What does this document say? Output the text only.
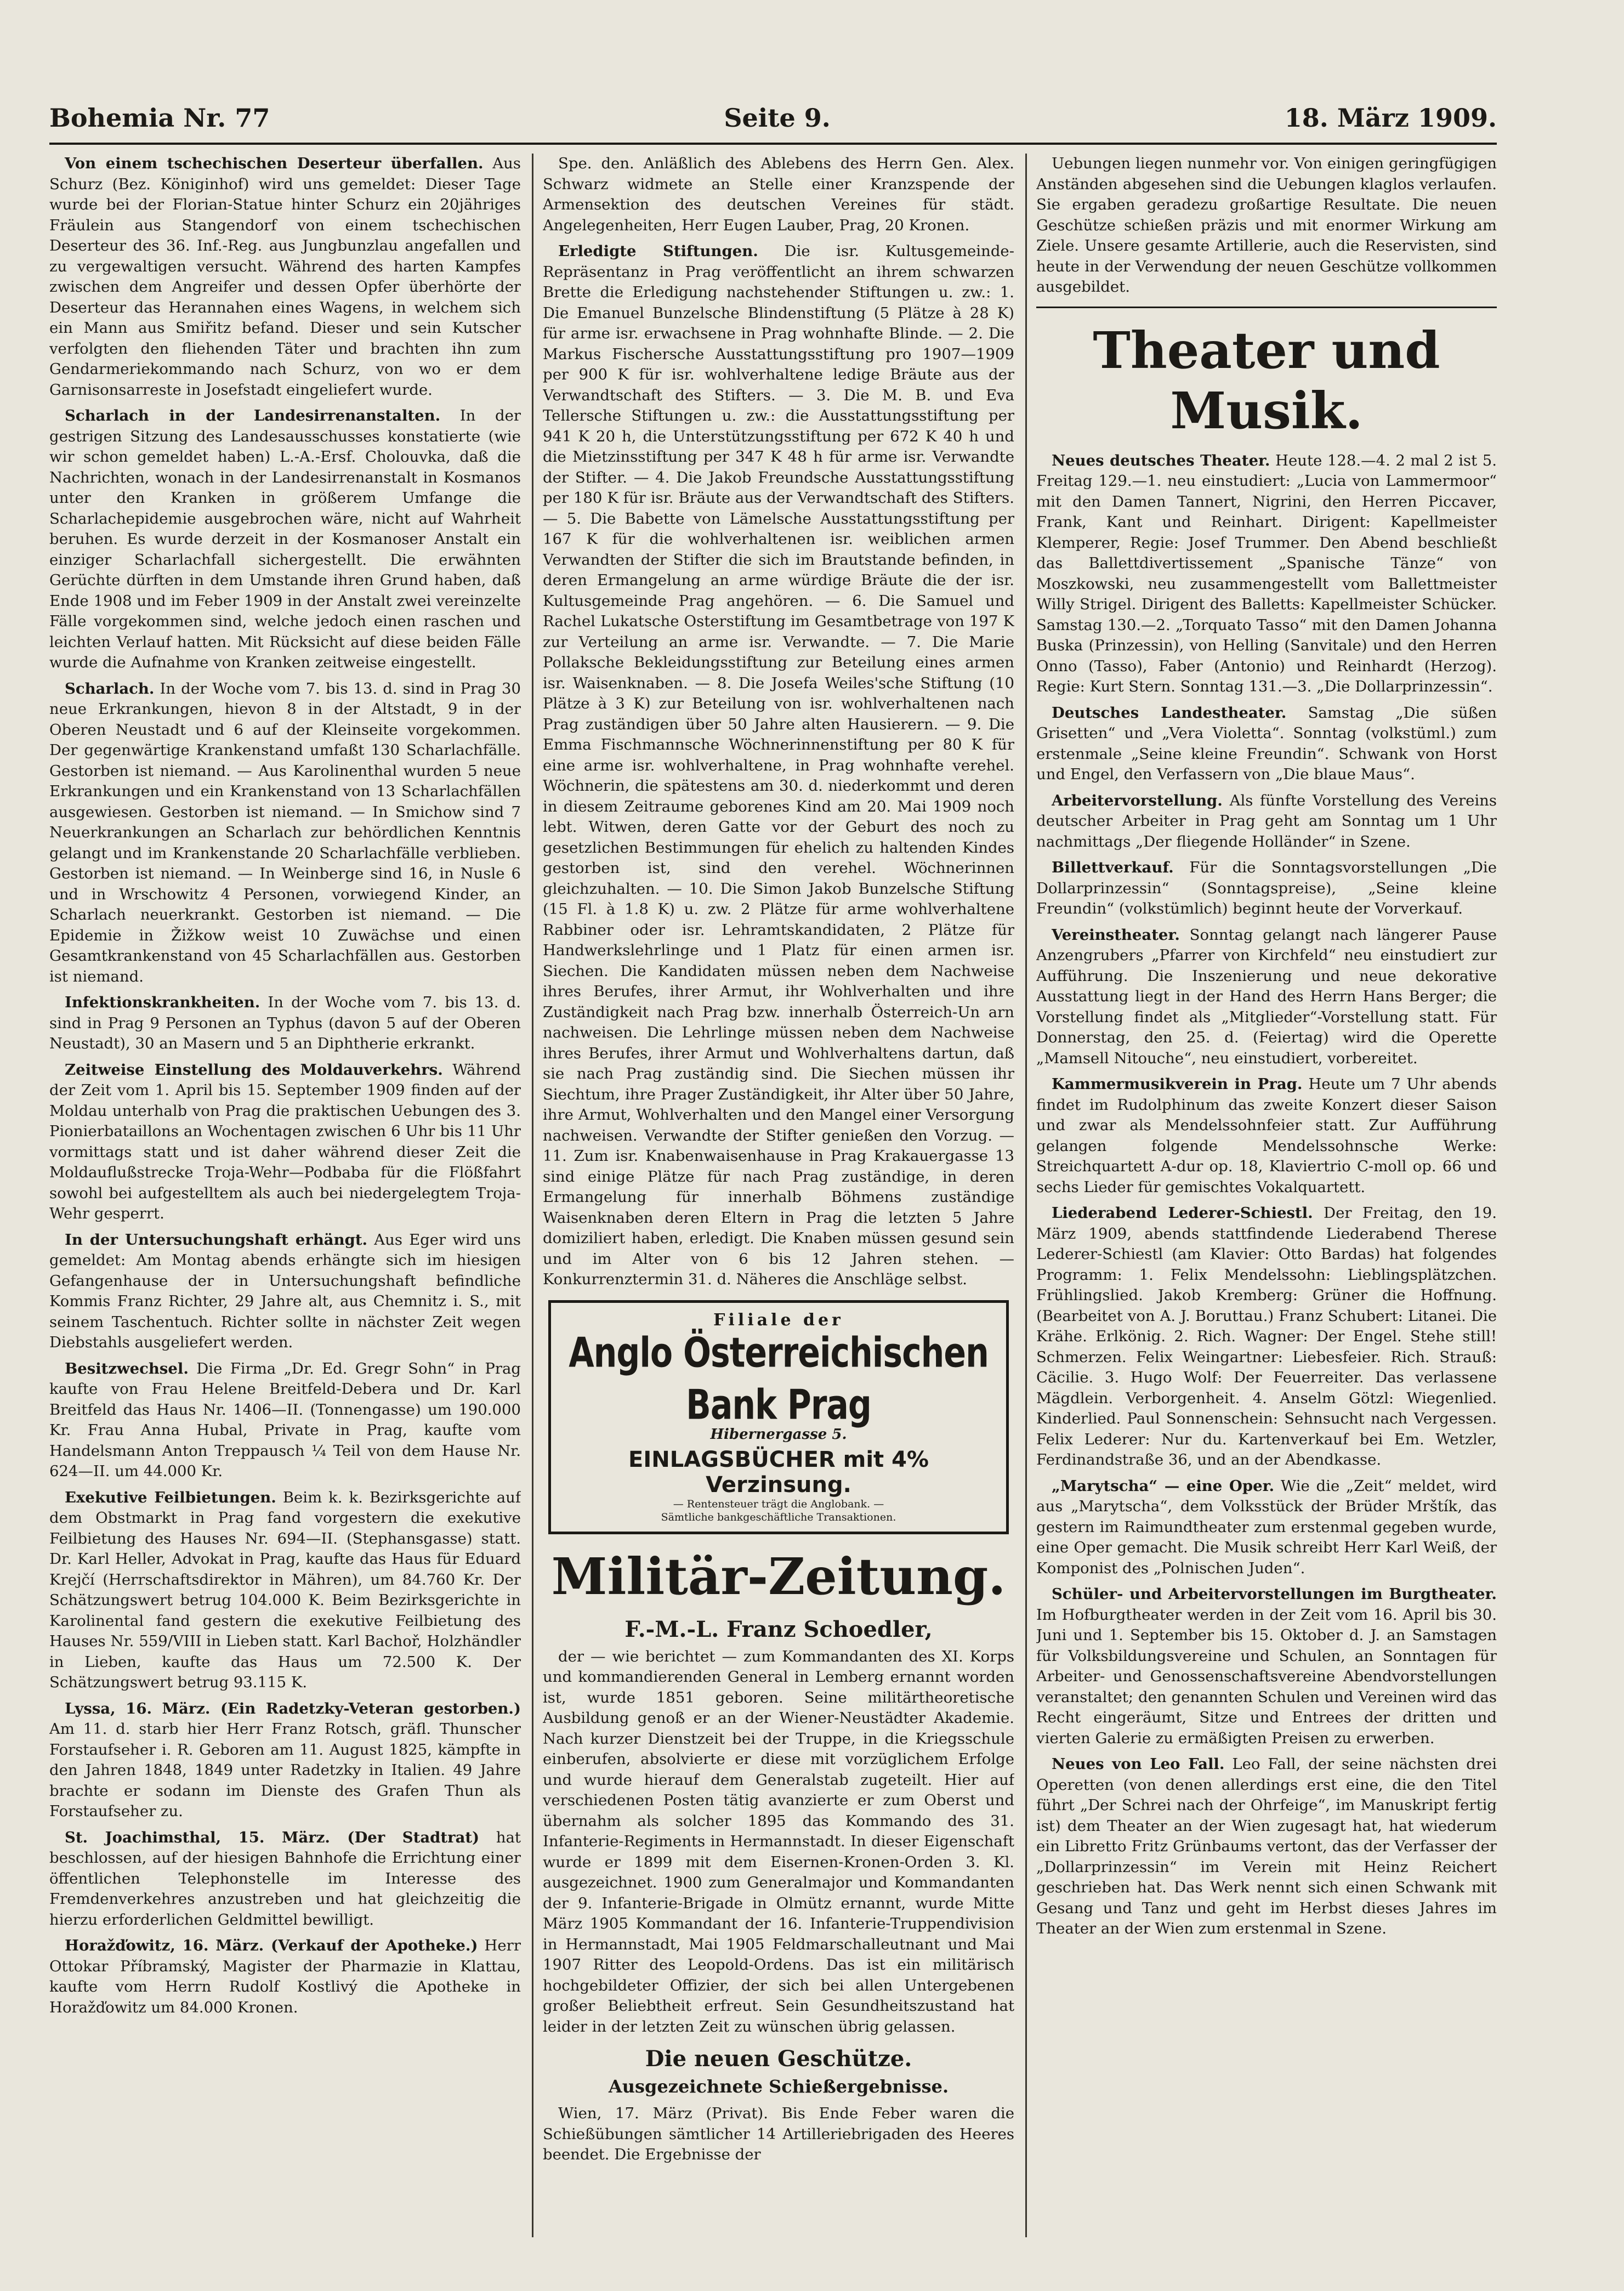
Bohemia Nr. 77	Seite 9.	18. März 1909.

Von einem tschechischen Deserteur überfallen. Aus Schurz (Bez. Königinhof) wird uns gemeldet: Dieser Tage wurde bei der Florian-Statue hinter Schurz ein 20jähriges Fräulein aus Stangendorf von einem tschechischen Deserteur des 36. Inf.-Reg. aus Jungbunzlau angefallen und zu vergewaltigen versucht. Während des harten Kampfes zwischen dem Angreifer und dessen Opfer überhörte der Deserteur das Herannahen eines Wagens, in welchem sich ein Mann aus Smiřitz befand. Dieser und sein Kutscher verfolgten den fliehenden Täter und brachten ihn zum Gendarmeriekommando nach Schurz, von wo er dem Garnisonsarreste in Josefstadt eingeliefert wurde.

Scharlach in der Landesirrenanstalten. In der gestrigen Sitzung des Landesausschusses konstatierte (wie wir schon gemeldet haben) L.-A.-Ersf. Cholouvka, daß die Nachrichten, wonach in der Landesirrenanstalt in Kosmanos unter den Kranken in größerem Umfange die Scharlachepidemie ausgebrochen wäre, nicht auf Wahrheit beruhen. Es wurde derzeit in der Kosmanoser Anstalt ein einziger Scharlachfall sichergestellt. Die erwähnten Gerüchte dürften in dem Umstande ihren Grund haben, daß Ende 1908 und im Feber 1909 in der Anstalt zwei vereinzelte Fälle vorgekommen sind, welche jedoch einen raschen und leichten Verlauf hatten. Mit Rücksicht auf diese beiden Fälle wurde die Aufnahme von Kranken zeitweise eingestellt.

Scharlach. In der Woche vom 7. bis 13. d. sind in Prag 30 neue Erkrankungen, hievon 8 in der Altstadt, 9 in der Oberen Neustadt und 6 auf der Kleinseite vorgekommen. Der gegenwärtige Krankenstand umfaßt 130 Scharlachfälle. Gestorben ist niemand. — Aus Karolinenthal wurden 5 neue Erkrankungen und ein Krankenstand von 13 Scharlachfällen ausgewiesen. Gestorben ist niemand. — In Smichow sind 7 Neuerkrankungen an Scharlach zur behördlichen Kenntnis gelangt und im Krankenstande 20 Scharlachfälle verblieben. Gestorben ist niemand. — In Weinberge sind 16, in Nusle 6 und in Wrschowitz 4 Personen, vorwiegend Kinder, an Scharlach neuerkrankt. Gestorben ist niemand. — Die Epidemie in Žižkow weist 10 Zuwächse und einen Gesamtkrankenstand von 45 Scharlachfällen aus. Gestorben ist niemand.

Infektionskrankheiten. In der Woche vom 7. bis 13. d. sind in Prag 9 Personen an Typhus (davon 5 auf der Oberen Neustadt), 30 an Masern und 5 an Diphtherie erkrankt.

Zeitweise Einstellung des Moldauverkehrs. Während der Zeit vom 1. April bis 15. September 1909 finden auf der Moldau unterhalb von Prag die praktischen Uebungen des 3. Pionierbataillons an Wochentagen zwischen 6 Uhr bis 11 Uhr vormittags statt und ist daher während dieser Zeit die Moldauflußstrecke Troja-Wehr—Podbaba für die Flößfahrt sowohl bei aufgestelltem als auch bei niedergelegtem Troja-Wehr gesperrt.

In der Untersuchungshaft erhängt. Aus Eger wird uns gemeldet: Am Montag abends erhängte sich im hiesigen Gefangenhause der in Untersuchungshaft befindliche Kommis Franz Richter, 29 Jahre alt, aus Chemnitz i. S., mit seinem Taschentuch. Richter sollte in nächster Zeit wegen Diebstahls ausgeliefert werden.

Besitzwechsel. Die Firma „Dr. Ed. Gregr Sohn“ in Prag kaufte von Frau Helene Breitfeld-Debera und Dr. Karl Breitfeld das Haus Nr. 1406—II. (Tonnengasse) um 190.000 Kr. Frau Anna Hubal, Private in Prag, kaufte vom Handelsmann Anton Treppausch ¼ Teil von dem Hause Nr. 624—II. um 44.000 Kr.

Exekutive Feilbietungen. Beim k. k. Bezirksgerichte auf dem Obstmarkt in Prag fand vorgestern die exekutive Feilbietung des Hauses Nr. 694—II. (Stephansgasse) statt. Dr. Karl Heller, Advokat in Prag, kaufte das Haus für Eduard Krejčí (Herrschaftsdirektor in Mähren), um 84.760 Kr. Der Schätzungswert betrug 104.000 K. Beim Bezirksgerichte in Karolinental fand gestern die exekutive Feilbietung des Hauses Nr. 559/VIII in Lieben statt. Karl Bachoř, Holzhändler in Lieben, kaufte das Haus um 72.500 K. Der Schätzungswert betrug 93.115 K.

Lyssa, 16. März. (Ein Radetzky-Veteran gestorben.) Am 11. d. starb hier Herr Franz Rotsch, gräfl. Thunscher Forstaufseher i. R. Geboren am 11. August 1825, kämpfte in den Jahren 1848, 1849 unter Radetzky in Italien. 49 Jahre brachte er sodann im Dienste des Grafen Thun als Forstaufseher zu.

St. Joachimsthal, 15. März. (Der Stadtrat) hat beschlossen, auf der hiesigen Bahnhofe die Errichtung einer öffentlichen Telephonstelle im Interesse des Fremdenverkehres anzustreben und hat gleichzeitig die hierzu erforderlichen Geldmittel bewilligt.

Horažďowitz, 16. März. (Verkauf der Apotheke.) Herr Ottokar Příbramský, Magister der Pharmazie in Klattau, kaufte vom Herrn Rudolf Kostlivý die Apotheke in Horažďowitz um 84.000 Kronen.

Spe. den. Anläßlich des Ablebens des Herrn Gen. Alex. Schwarz widmete an Stelle einer Kranzspende der Armensektion des deutschen Vereines für städt. Angelegenheiten, Herr Eugen Lauber, Prag, 20 Kronen.

Erledigte Stiftungen. Die isr. Kultusgemeinde-Repräsentanz in Prag veröffentlicht an ihrem schwarzen Brette die Erledigung nachstehender Stiftungen u. zw.: 1. Die Emanuel Bunzelsche Blindenstiftung (5 Plätze à 28 K) für arme isr. erwachsene in Prag wohnhafte Blinde. — 2. Die Markus Fischersche Ausstattungsstiftung pro 1907—1909 per 900 K für isr. wohlverhaltene ledige Bräute aus der Verwandtschaft des Stifters. — 3. Die M. B. und Eva Tellersche Stiftungen u. zw.: die Ausstattungsstiftung per 941 K 20 h, die Unterstützungsstiftung per 672 K 40 h und die Mietzinsstiftung per 347 K 48 h für arme isr. Verwandte der Stifter. — 4. Die Jakob Freundsche Ausstattungsstiftung per 180 K für isr. Bräute aus der Verwandtschaft des Stifters. — 5. Die Babette von Lämelsche Ausstattungsstiftung per 167 K für die wohlverhaltenen isr. weiblichen armen Verwandten der Stifter die sich im Brautstande befinden, in deren Ermangelung an arme würdige Bräute die der isr. Kultusgemeinde Prag angehören. — 6. Die Samuel und Rachel Lukatsche Osterstiftung im Gesamtbetrage von 197 K zur Verteilung an arme isr. Verwandte. — 7. Die Marie Pollaksche Bekleidungsstiftung zur Beteilung eines armen isr. Waisenknaben. — 8. Die Josefa Weiles'sche Stiftung (10 Plätze à 3 K) zur Beteilung von isr. wohlverhaltenen nach Prag zuständigen über 50 Jahre alten Hausierern. — 9. Die Emma Fischmannsche Wöchnerinnenstiftung per 80 K für eine arme isr. wohlverhaltene, in Prag wohnhafte verehel. Wöchnerin, die spätestens am 30. d. niederkommt und deren in diesem Zeitraume geborenes Kind am 20. Mai 1909 noch lebt. Witwen, deren Gatte vor der Geburt des noch zu gesetzlichen Bestimmungen für ehelich zu haltenden Kindes gestorben ist, sind den verehel. Wöchnerinnen gleichzuhalten. — 10. Die Simon Jakob Bunzelsche Stiftung (15 Fl. à 1.8 K) u. zw. 2 Plätze für arme wohlverhaltene Rabbiner oder isr. Lehramtskandidaten, 2 Plätze für Handwerkslehrlinge und 1 Platz für einen armen isr. Siechen. Die Kandidaten müssen neben dem Nachweise ihres Berufes, ihrer Armut, ihr Wohlverhalten und ihre Zuständigkeit nach Prag bzw. innerhalb Österreich-Un arn nachweisen. Die Lehrlinge müssen neben dem Nachweise ihres Berufes, ihrer Armut und Wohlverhaltens dartun, daß sie nach Prag zuständig sind. Die Siechen müssen ihr Siechtum, ihre Prager Zuständigkeit, ihr Alter über 50 Jahre, ihre Armut, Wohlverhalten und den Mangel einer Versorgung nachweisen. Verwandte der Stifter genießen den Vorzug. — 11. Zum isr. Knabenwaisenhause in Prag Krakauergasse 13 sind einige Plätze für nach Prag zuständige, in deren Ermangelung für innerhalb Böhmens zuständige Waisenknaben deren Eltern in Prag die letzten 5 Jahre domiziliert haben, erledigt. Die Knaben müssen gesund sein und im Alter von 6 bis 12 Jahren stehen. — Konkurrenztermin 31. d. Näheres die Anschläge selbst.

Filiale der
Anglo Österreichischen Bank Prag
Hibernergasse 5.
EINLAGSBÜCHER mit 4% Verzinsung.
— Rentensteuer trägt die Anglobank. —
Sämtliche bankgeschäftliche Transaktionen.
Militär-Zeitung.
F.-M.-L. Franz Schoedler,

der — wie berichtet — zum Kommandanten des XI. Korps und kommandierenden General in Lemberg ernannt worden ist, wurde 1851 geboren. Seine militärtheoretische Ausbildung genoß er an der Wiener-Neustädter Akademie. Nach kurzer Dienstzeit bei der Truppe, in die Kriegsschule einberufen, absolvierte er diese mit vorzüglichem Erfolge und wurde hierauf dem Generalstab zugeteilt. Hier auf verschiedenen Posten tätig avanzierte er zum Oberst und übernahm als solcher 1895 das Kommando des 31. Infanterie-Regiments in Hermannstadt. In dieser Eigenschaft wurde er 1899 mit dem Eisernen-Kronen-Orden 3. Kl. ausgezeichnet. 1900 zum Generalmajor und Kommandanten der 9. Infanterie-Brigade in Olmütz ernannt, wurde Mitte März 1905 Kommandant der 16. Infanterie-Truppendivision in Hermannstadt, Mai 1905 Feldmarschalleutnant und Mai 1907 Ritter des Leopold-Ordens. Das ist ein militärisch hochgebildeter Offizier, der sich bei allen Untergebenen großer Beliebtheit erfreut. Sein Gesundheitszustand hat leider in der letzten Zeit zu wünschen übrig gelassen.

Die neuen Geschütze.
Ausgezeichnete Schießergebnisse.

Wien, 17. März (Privat). Bis Ende Feber waren die Schießübungen sämtlicher 14 Artilleriebrigaden des Heeres beendet. Die Ergebnisse der

Uebungen liegen nunmehr vor. Von einigen geringfügigen Anständen abgesehen sind die Uebungen klaglos verlaufen. Sie ergaben geradezu großartige Resultate. Die neuen Geschütze schießen präzis und mit enormer Wirkung am Ziele. Unsere gesamte Artillerie, auch die Reservisten, sind heute in der Verwendung der neuen Geschütze vollkommen ausgebildet.

Theater und Musik.

Neues deutsches Theater. Heute 128.—4. 2 mal 2 ist 5. Freitag 129.—1. neu einstudiert: „Lucia von Lammermoor“ mit den Damen Tannert, Nigrini, den Herren Piccaver, Frank, Kant und Reinhart. Dirigent: Kapellmeister Klemperer, Regie: Josef Trummer. Den Abend beschließt das Ballettdivertissement „Spanische Tänze“ von Moszkowski, neu zusammengestellt vom Ballettmeister Willy Strigel. Dirigent des Balletts: Kapellmeister Schücker. Samstag 130.—2. „Torquato Tasso“ mit den Damen Johanna Buska (Prinzessin), von Helling (Sanvitale) und den Herren Onno (Tasso), Faber (Antonio) und Reinhardt (Herzog). Regie: Kurt Stern. Sonntag 131.—3. „Die Dollarprinzessin“.

Deutsches Landestheater. Samstag „Die süßen Grisetten“ und „Vera Violetta“. Sonntag (volkstüml.) zum erstenmale „Seine kleine Freundin“. Schwank von Horst und Engel, den Verfassern von „Die blaue Maus“.

Arbeitervorstellung. Als fünfte Vorstellung des Vereins deutscher Arbeiter in Prag geht am Sonntag um 1 Uhr nachmittags „Der fliegende Holländer“ in Szene.

Billettverkauf. Für die Sonntagsvorstellungen „Die Dollarprinzessin“ (Sonntagspreise), „Seine kleine Freundin“ (volkstümlich) beginnt heute der Vorverkauf.

Vereinstheater. Sonntag gelangt nach längerer Pause Anzengrubers „Pfarrer von Kirchfeld“ neu einstudiert zur Aufführung. Die Inszenierung und neue dekorative Ausstattung liegt in der Hand des Herrn Hans Berger; die Vorstellung findet als „Mitglieder“-Vorstellung statt. Für Donnerstag, den 25. d. (Feiertag) wird die Operette „Mamsell Nitouche“, neu einstudiert, vorbereitet.

Kammermusikverein in Prag. Heute um 7 Uhr abends findet im Rudolphinum das zweite Konzert dieser Saison und zwar als Mendelssohnfeier statt. Zur Aufführung gelangen folgende Mendelssohnsche Werke: Streichquartett A-dur op. 18, Klaviertrio C-moll op. 66 und sechs Lieder für gemischtes Vokalquartett.

Liederabend Lederer-Schiestl. Der Freitag, den 19. März 1909, abends stattfindende Liederabend Therese Lederer-Schiestl (am Klavier: Otto Bardas) hat folgendes Programm: 1. Felix Mendelssohn: Lieblingsplätzchen. Frühlingslied. Jakob Kremberg: Grüner die Hoffnung. (Bearbeitet von A. J. Boruttau.) Franz Schubert: Litanei. Die Krähe. Erlkönig. 2. Rich. Wagner: Der Engel. Stehe still! Schmerzen. Felix Weingartner: Liebesfeier. Rich. Strauß: Cäcilie. 3. Hugo Wolf: Der Feuerreiter. Das verlassene Mägdlein. Verborgenheit. 4. Anselm Götzl: Wiegenlied. Kinderlied. Paul Sonnenschein: Sehnsucht nach Vergessen. Felix Lederer: Nur du. Kartenverkauf bei Em. Wetzler, Ferdinandstraße 36, und an der Abendkasse.

„Marytscha“ — eine Oper. Wie die „Zeit“ meldet, wird aus „Marytscha“, dem Volksstück der Brüder Mrštík, das gestern im Raimundtheater zum erstenmal gegeben wurde, eine Oper gemacht. Die Musik schreibt Herr Karl Weiß, der Komponist des „Polnischen Juden“.

Schüler- und Arbeitervorstellungen im Burgtheater. Im Hofburgtheater werden in der Zeit vom 16. April bis 30. Juni und 1. September bis 15. Oktober d. J. an Samstagen für Volksbildungsvereine und Schulen, an Sonntagen für Arbeiter- und Genossenschaftsvereine Abendvorstellungen veranstaltet; den genannten Schulen und Vereinen wird das Recht eingeräumt, Sitze und Entrees der dritten und vierten Galerie zu ermäßigten Preisen zu erwerben.

Neues von Leo Fall. Leo Fall, der seine nächsten drei Operetten (von denen allerdings erst eine, die den Titel führt „Der Schrei nach der Ohrfeige“, im Manuskript fertig ist) dem Theater an der Wien zugesagt hat, hat wiederum ein Libretto Fritz Grünbaums vertont, das der Verfasser der „Dollarprinzessin“ im Verein mit Heinz Reichert geschrieben hat. Das Werk nennt sich einen Schwank mit Gesang und Tanz und geht im Herbst dieses Jahres im Theater an der Wien zum erstenmal in Szene.
